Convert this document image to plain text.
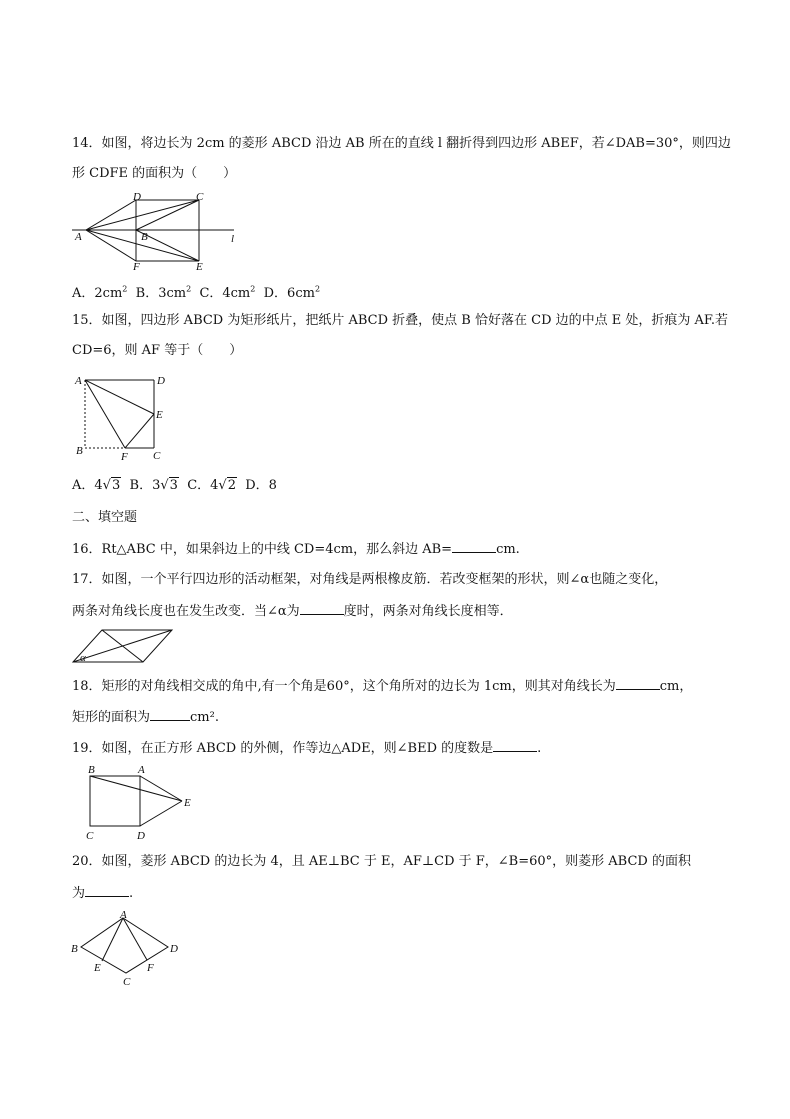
14．如图，将边长为 2cm 的菱形 ABCD 沿边 AB 所在的直线 l 翻折得到四边形 ABEF，若∠DAB=30°，则四边
形 CDFE 的面积为（　　）
A	B
C
D
E
F
l
A．$2cm^2$ B．$3cm^2$ C．$4cm^2$ D．$6cm^2$
15．如图，四边形 ABCD 为矩形纸片，把纸片 ABCD 折叠，使点 B 恰好落在 CD 边的中点 E 处，折痕为 AF.若
CD=6，则 AF 等于（　　）
A	D
E
B	F C
A．4√3 B．3√3 C．4√2 D．8
二、填空题
16．Rt△ABC 中，如果斜边上的中线 CD=4cm，那么斜边 AB=	cm.
17．如图，一个平行四边形的活动框架，对角线是两根橡皮筋．若改变框架的形状，则∠α也随之变化，
两条对角线长度也在发生改变．当∠α为	度时，两条对角线长度相等．
α
18．矩形的对角线相交成的角中,有一个角是60°，这个角所对的边长为 1cm，则其对角线长为	cm，
矩形的面积为	cm².
19．如图，在正方形 ABCD 的外侧，作等边△ADE，则∠BED 的度数是	.
B	A
E
C	D
20．如图，菱形 ABCD 的边长为 4，且 AE⊥BC 于 E，AF⊥CD 于 F，∠B=60°，则菱形 ABCD 的面积
为	.
A
B	D
E	F
C
